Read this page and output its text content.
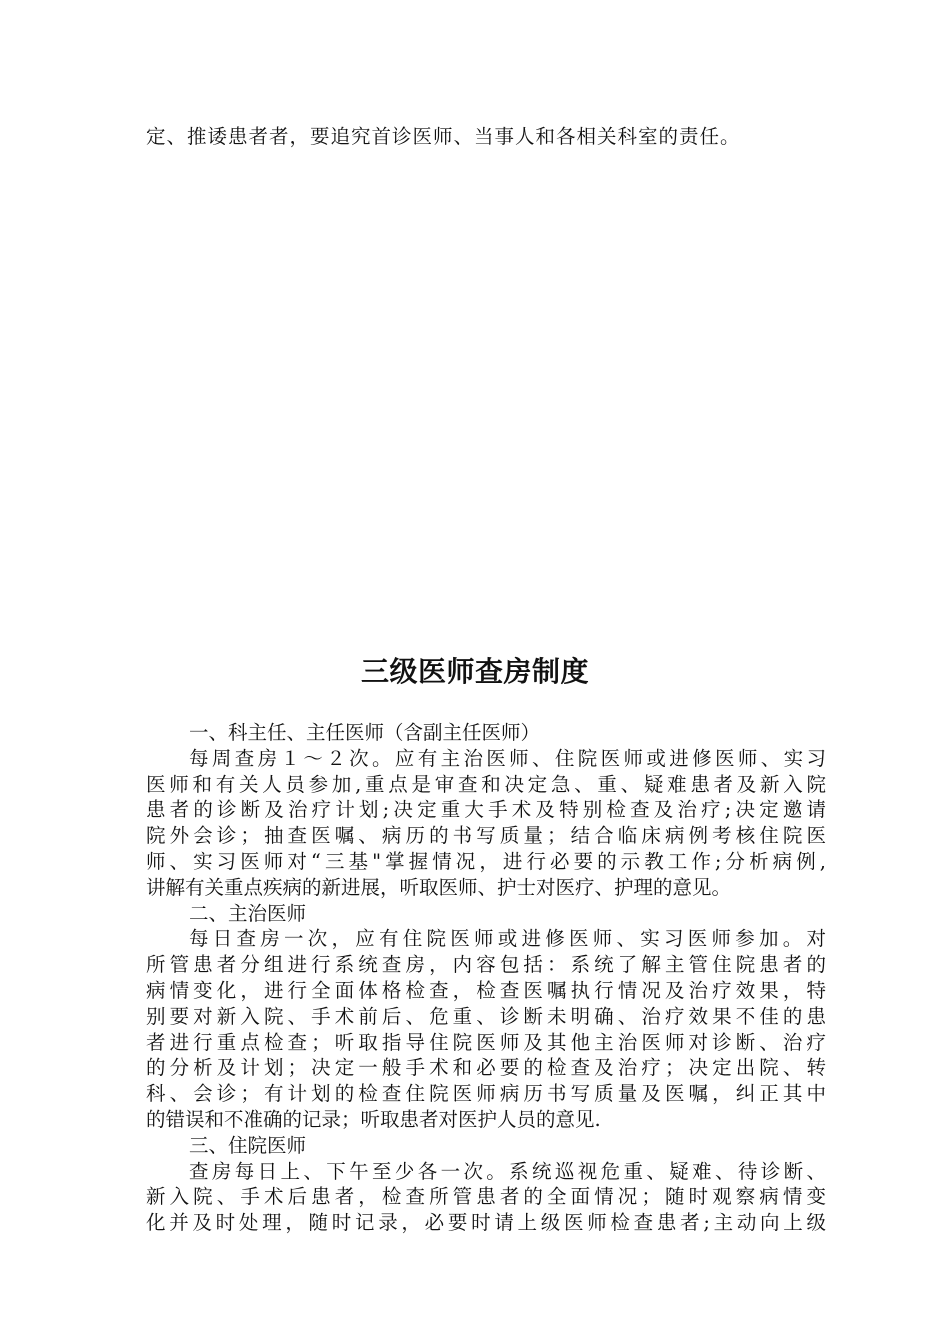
定、推诿患者者，要追究首诊医师、当事人和各相关科室的责任。
三级医师查房制度
一、科主任、主任医师（含副主任医师）
每周查房１～２次。应有主治医师、住院医师或进修医师、实习
医师和有关人员参加,重点是审查和决定急、重、疑难患者及新入院
患者的诊断及治疗计划;决定重大手术及特别检查及治疗;决定邀请
院外会诊；抽查医嘱、病历的书写质量；结合临床病例考核住院医
师、实习医师对“三基"掌握情况，进行必要的示教工作;分析病例,
讲解有关重点疾病的新进展，听取医师、护士对医疗、护理的意见。
二、主治医师
每日查房一次，应有住院医师或进修医师、实习医师参加。对
所管患者分组进行系统查房，内容包括：系统了解主管住院患者的
病情变化，进行全面体格检查，检查医嘱执行情况及治疗效果，特
别要对新入院、手术前后、危重、诊断未明确、治疗效果不佳的患
者进行重点检查；听取指导住院医师及其他主治医师对诊断、治疗
的分析及计划；决定一般手术和必要的检查及治疗；决定出院、转
科、会诊；有计划的检查住院医师病历书写质量及医嘱，纠正其中
的错误和不准确的记录；听取患者对医护人员的意见.
三、住院医师
查房每日上、下午至少各一次。系统巡视危重、疑难、待诊断、
新入院、手术后患者，检查所管患者的全面情况；随时观察病情变
化并及时处理，随时记录，必要时请上级医师检查患者;主动向上级
